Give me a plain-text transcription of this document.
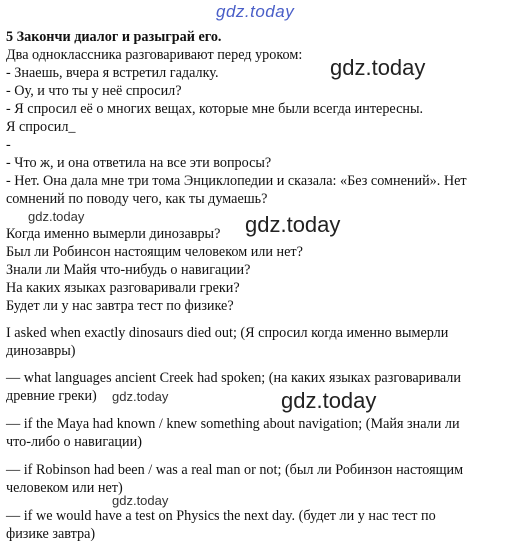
gdz.today
gdz.today
gdz.today	gdz.today
gdz.today	gdz.today
gdz.today
5 Закончи диалог и разыграй его.
Два одноклассника разговаривают перед уроком:
- Знаешь, вчера я встретил гадалку.
- Оу, и что ты у неё спросил?
- Я спросил её о многих вещах, которые мне были всегда интересны.
Я спросил_
-
- Что ж, и она ответила на все эти вопросы?
- Нет. Она дала мне три тома Энциклопедии и сказала: «Без сомнений». Нет
сомнений по поводу чего, как ты думаешь?
Когда именно вымерли динозавры?
Был ли Робинсон настоящим человеком или нет?
Знали ли Майя что-нибудь о навигации?
На каких языках разговаривали греки?
Будет ли у нас завтра тест по физике?
I asked when exactly dinosaurs died out; (Я спросил когда именно вымерли
динозавры)
— what languages ancient Creek had spoken; (на каких языках разговаривали
древние греки)
— if the Maya had known / knew something about navigation; (Майя знали ли
что-либо о навигации)
— if Robinson had been / was a real man or not; (был ли Робинзон настоящим
человеком или нет)
— if we would have a test on Physics the next day. (будет ли у нас тест по
физике завтра)
